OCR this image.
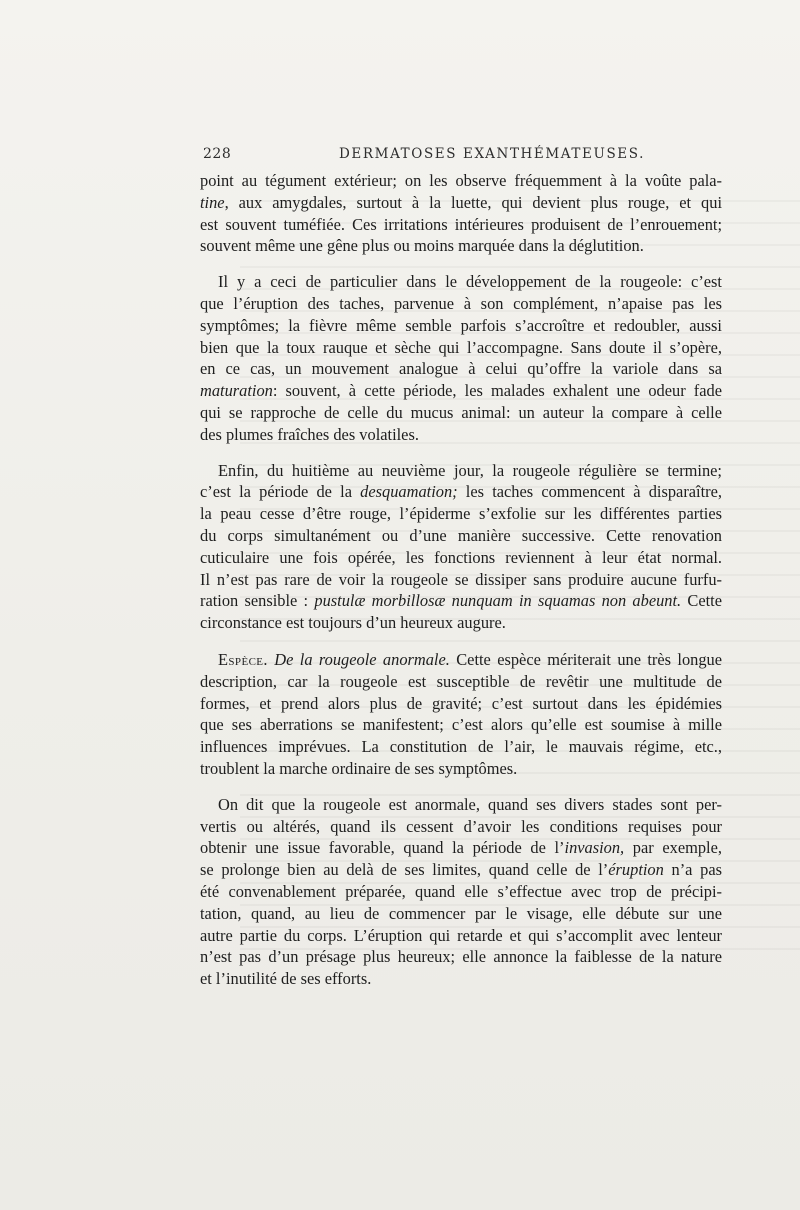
228	DERMATOSES EXANTHÉMATEUSES.
point au tégument extérieur; on les observe fréquemment à la voûte pala-
tine, aux amygdales, surtout à la luette, qui devient plus rouge, et qui
est souvent tuméfiée. Ces irritations intérieures produisent de l’enrouement;
souvent même une gêne plus ou moins marquée dans la déglutition.
Il y a ceci de particulier dans le développement de la rougeole: c’est
que l’éruption des taches, parvenue à son complément, n’apaise pas les
symptômes; la fièvre même semble parfois s’accroître et redoubler, aussi
bien que la toux rauque et sèche qui l’accompagne. Sans doute il s’opère,
en ce cas, un mouvement analogue à celui qu’offre la variole dans sa
maturation: souvent, à cette période, les malades exhalent une odeur fade
qui se rapproche de celle du mucus animal: un auteur la compare à celle
des plumes fraîches des volatiles.
Enfin, du huitième au neuvième jour, la rougeole régulière se termine;
c’est la période de la desquamation; les taches commencent à disparaître,
la peau cesse d’être rouge, l’épiderme s’exfolie sur les différentes parties
du corps simultanément ou d’une manière successive. Cette renovation
cuticulaire une fois opérée, les fonctions reviennent à leur état normal.
Il n’est pas rare de voir la rougeole se dissiper sans produire aucune furfu-
ration sensible : pustulæ morbillosæ nunquam in squamas non abeunt. Cette
circonstance est toujours d’un heureux augure.
Espèce. De la rougeole anormale. Cette espèce mériterait une très longue
description, car la rougeole est susceptible de revêtir une multitude de
formes, et prend alors plus de gravité; c’est surtout dans les épidémies
que ses aberrations se manifestent; c’est alors qu’elle est soumise à mille
influences imprévues. La constitution de l’air, le mauvais régime, etc.,
troublent la marche ordinaire de ses symptômes.
On dit que la rougeole est anormale, quand ses divers stades sont per-
vertis ou altérés, quand ils cessent d’avoir les conditions requises pour
obtenir une issue favorable, quand la période de l’invasion, par exemple,
se prolonge bien au delà de ses limites, quand celle de l’éruption n’a pas
été convenablement préparée, quand elle s’effectue avec trop de précipi-
tation, quand, au lieu de commencer par le visage, elle débute sur une
autre partie du corps. L’éruption qui retarde et qui s’accomplit avec lenteur
n’est pas d’un présage plus heureux; elle annonce la faiblesse de la nature
et l’inutilité de ses efforts.
